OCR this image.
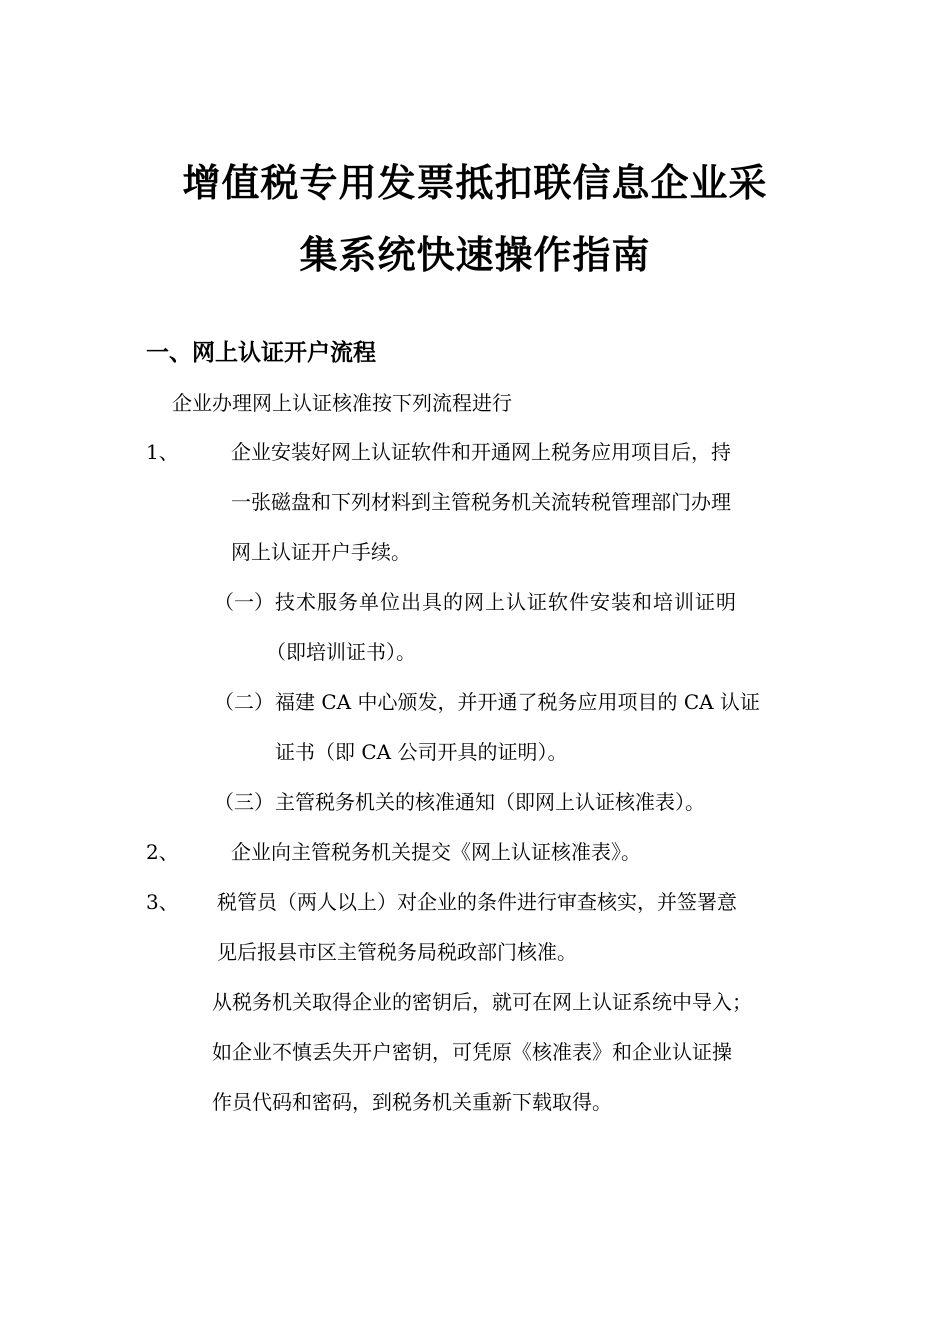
增值税专用发票抵扣联信息企业采
集系统快速操作指南
一、网上认证开户流程
企业办理网上认证核准按下列流程进行
1、	企业安装好网上认证软件和开通网上税务应用项目后，持
一张磁盘和下列材料到主管税务机关流转税管理部门办理
网上认证开户手续。
（一） 技术服务单位出具的网上认证软件安装和培训证明
（即培训证书）。
（二） 福建 CA 中心颁发，并开通了税务应用项目的 CA 认证
证书（即 CA 公司开具的证明）。
（三） 主管税务机关的核准通知（即网上认证核准表）。
2、	企业向主管税务机关提交《网上认证核准表》。
3、 税管员（两人以上）对企业的条件进行审查核实，并签署意
见后报县市区主管税务局税政部门核准。
从税务机关取得企业的密钥后，就可在网上认证系统中导入；
如企业不慎丢失开户密钥，可凭原《核准表》和企业认证操
作员代码和密码，到税务机关重新下载取得。
